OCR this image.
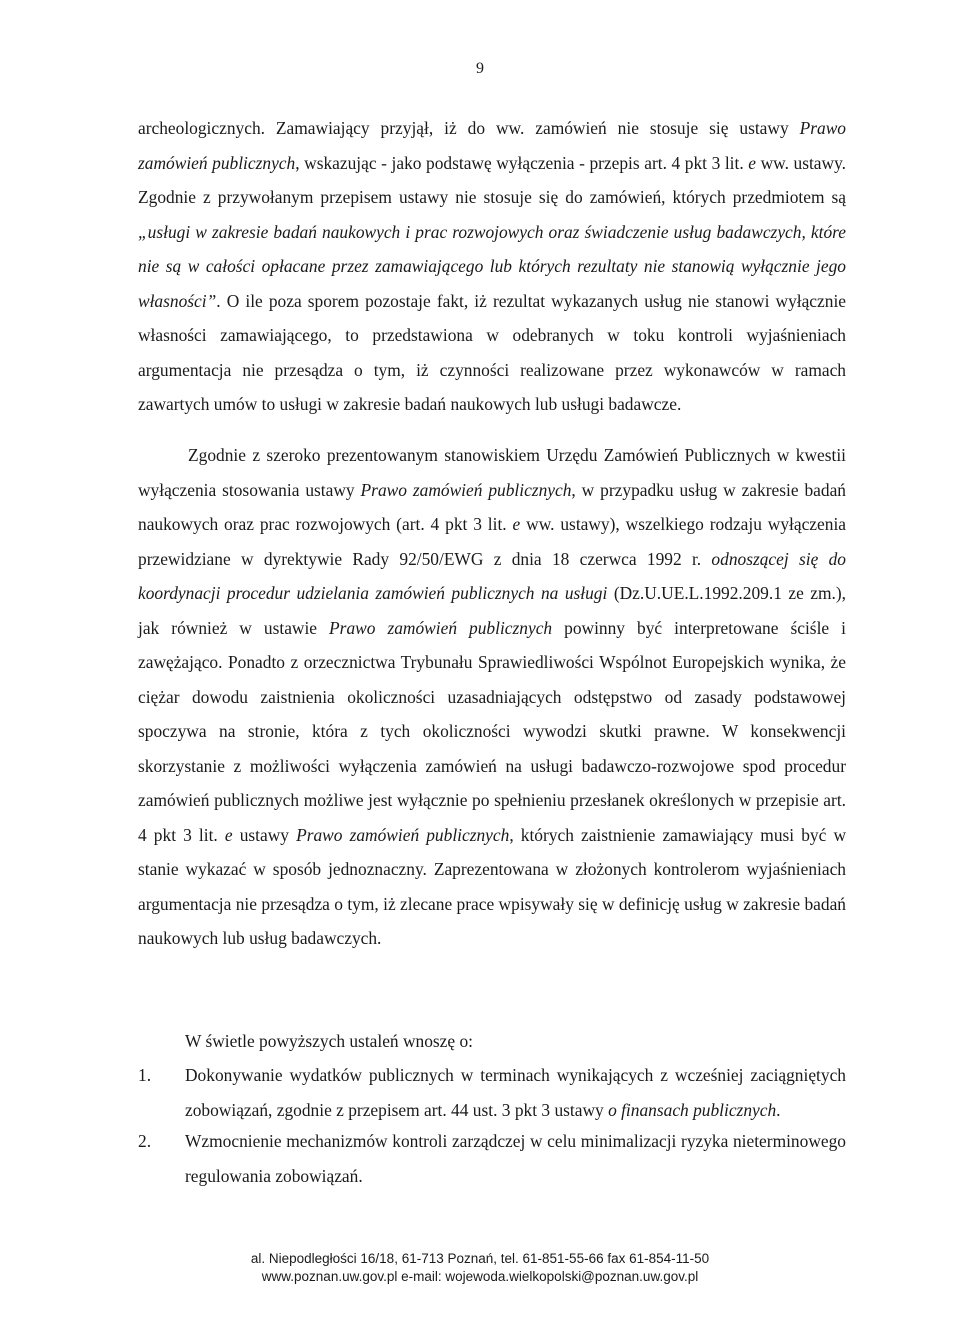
9
archeologicznych. Zamawiający przyjął, iż do ww. zamówień nie stosuje się ustawy Prawo zamówień publicznych, wskazując - jako podstawę wyłączenia - przepis art. 4 pkt 3 lit. e ww. ustawy. Zgodnie z przywołanym przepisem ustawy nie stosuje się do zamówień, których przedmiotem są „usługi w zakresie badań naukowych i prac rozwojowych oraz świadczenie usług badawczych, które nie są w całości opłacane przez zamawiającego lub których rezultaty nie stanowią wyłącznie jego własności”. O ile poza sporem pozostaje fakt, iż rezultat wykazanych usług nie stanowi wyłącznie własności zamawiającego, to przedstawiona w odebranych w toku kontroli wyjaśnieniach argumentacja nie przesądza o tym, iż czynności realizowane przez wykonawców w ramach zawartych umów to usługi w zakresie badań naukowych lub usługi badawcze.
Zgodnie z szeroko prezentowanym stanowiskiem Urzędu Zamówień Publicznych w kwestii wyłączenia stosowania ustawy Prawo zamówień publicznych, w przypadku usług w zakresie badań naukowych oraz prac rozwojowych (art. 4 pkt 3 lit. e ww. ustawy), wszelkiego rodzaju wyłączenia przewidziane w dyrektywie Rady 92/50/EWG z dnia 18 czerwca 1992 r. odnoszącej się do koordynacji procedur udzielania zamówień publicznych na usługi (Dz.U.UE.L.1992.209.1 ze zm.), jak również w ustawie Prawo zamówień publicznych powinny być interpretowane ściśle i zawężająco. Ponadto z orzecznictwa Trybunału Sprawiedliwości Wspólnot Europejskich wynika, że ciężar dowodu zaistnienia okoliczności uzasadniających odstępstwo od zasady podstawowej spoczywa na stronie, która z tych okoliczności wywodzi skutki prawne. W konsekwencji skorzystanie z możliwości wyłączenia zamówień na usługi badawczo-rozwojowe spod procedur zamówień publicznych możliwe jest wyłącznie po spełnieniu przesłanek określonych w przepisie art. 4 pkt 3 lit. e ustawy Prawo zamówień publicznych, których zaistnienie zamawiający musi być w stanie wykazać w sposób jednoznaczny. Zaprezentowana w złożonych kontrolerom wyjaśnieniach argumentacja nie przesądza o tym, iż zlecane prace wpisywały się w definicję usług w zakresie badań naukowych lub usług badawczych.
W świetle powyższych ustaleń wnoszę o:
1. Dokonywanie wydatków publicznych w terminach wynikających z wcześniej zaciągniętych zobowiązań, zgodnie z przepisem art. 44 ust. 3 pkt 3 ustawy o finansach publicznych.
2. Wzmocnienie mechanizmów kontroli zarządczej w celu minimalizacji ryzyka nieterminowego regulowania zobowiązań.
al. Niepodległości 16/18, 61-713 Poznań, tel. 61-851-55-66 fax 61-854-11-50
www.poznan.uw.gov.pl e-mail: wojewoda.wielkopolski@poznan.uw.gov.pl
